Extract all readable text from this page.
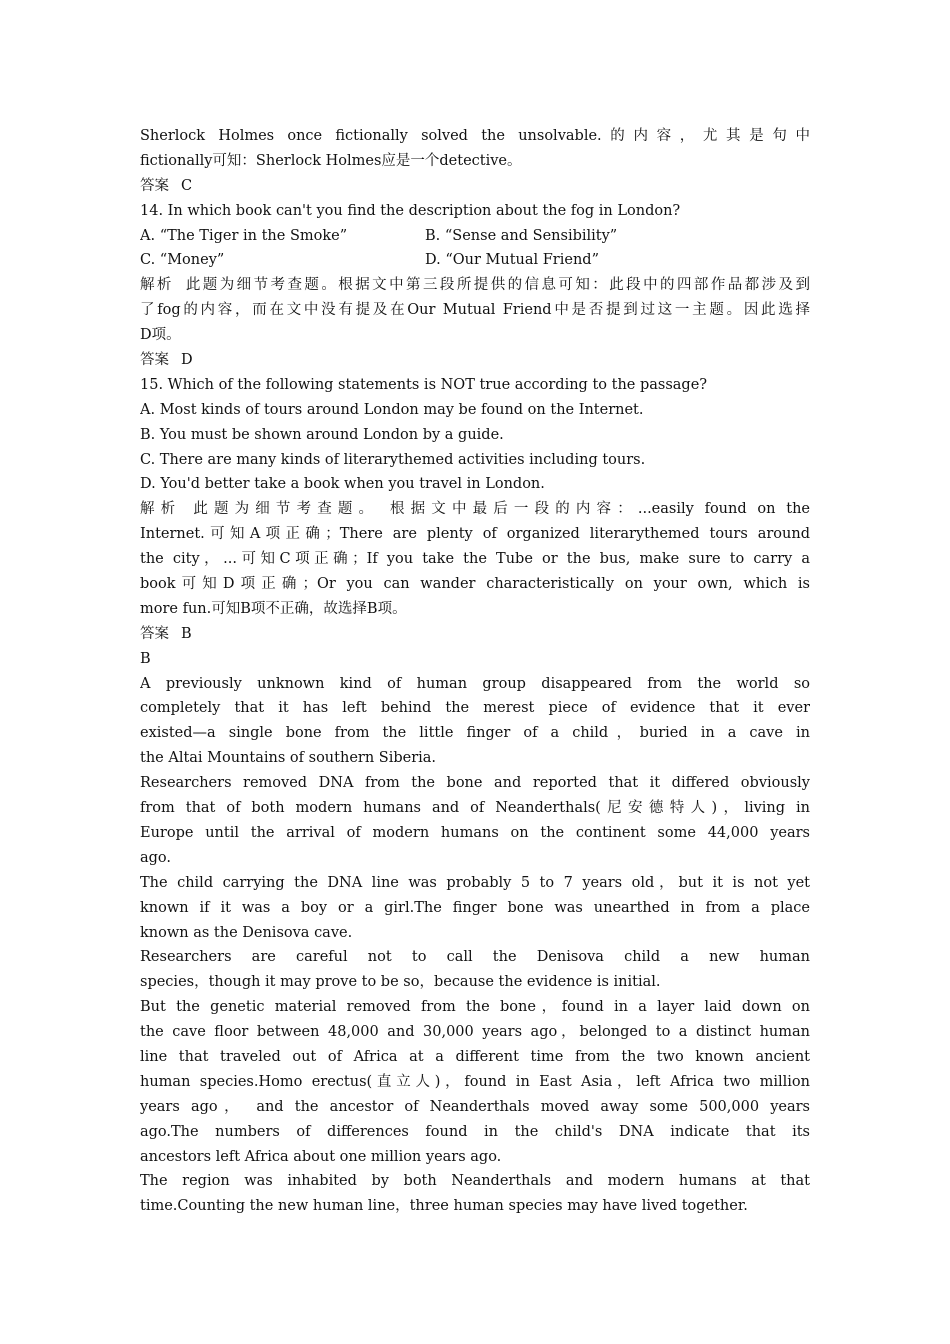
Sherlock Holmes once fictionally solved the unsolvable.的内容，尤其是句中
fictionally可知：Sherlock Holmes应是一个detective。
答案 C
14. In which book can't you find the description about the fog in London?
A. “The Tiger in the Smoke”	B. “Sense and Sensibility”
C. “Money”	D. “Our Mutual Friend”
解析 此题为细节考查题。根据文中第三段所提供的信息可知：此段中的四部作品都涉及到
了fog的内容，而在文中没有提及在Our Mutual Friend中是否提到过这一主题。因此选择
D项。
答案 D
15. Which of the following statements is NOT true according to the passage?
A. Most kinds of tours around London may be found on the Internet.
B. You must be shown around London by a guide.
C. There are many kinds of literarythemed activities including tours.
D. You'd better take a book when you travel in London.
解析 此题为细节考查题。 根据文中最后一段的内容：...easily found on the
Internet.可知A项正确；There are plenty of organized literarythemed tours around
the city，...可知C项正确；If you take the Tube or the bus, make sure to carry a
book可知D项正确；Or you can wander characteristically on your own, which is
more fun.可知B项不正确，故选择B项。
答案 B
B
A previously unknown kind of human group disappeared from the world so
completely that it has left behind the merest piece of evidence that it ever
existed—a single bone from the little finger of a child，buried in a cave in
the Altai Mountains of southern Siberia.
Researchers removed DNA from the bone and reported that it differed obviously
from that of both modern humans and of Neanderthals(尼安德特人)，living in
Europe until the arrival of modern humans on the continent some 44,000 years
ago.
The child carrying the DNA line was probably 5 to 7 years old，but it is not yet
known if it was a boy or a girl.The finger bone was unearthed in from a place
known as the Denisova cave.
Researchers are careful not to call the Denisova child a new human
species，though it may prove to be so，because the evidence is initial.
But the genetic material removed from the bone，found in a layer laid down on
the cave floor between 48,000 and 30,000 years ago，belonged to a distinct human
line that traveled out of Africa at a different time from the two known ancient
human species.Homo erectus(直立人)，found in East Asia，left Africa two million
years ago， and the ancestor of Neanderthals moved away some 500,000 years
ago.The numbers of differences found in the child's DNA indicate that its
ancestors left Africa about one million years ago.
The region was inhabited by both Neanderthals and modern humans at that
time.Counting the new human line，three human species may have lived together.
